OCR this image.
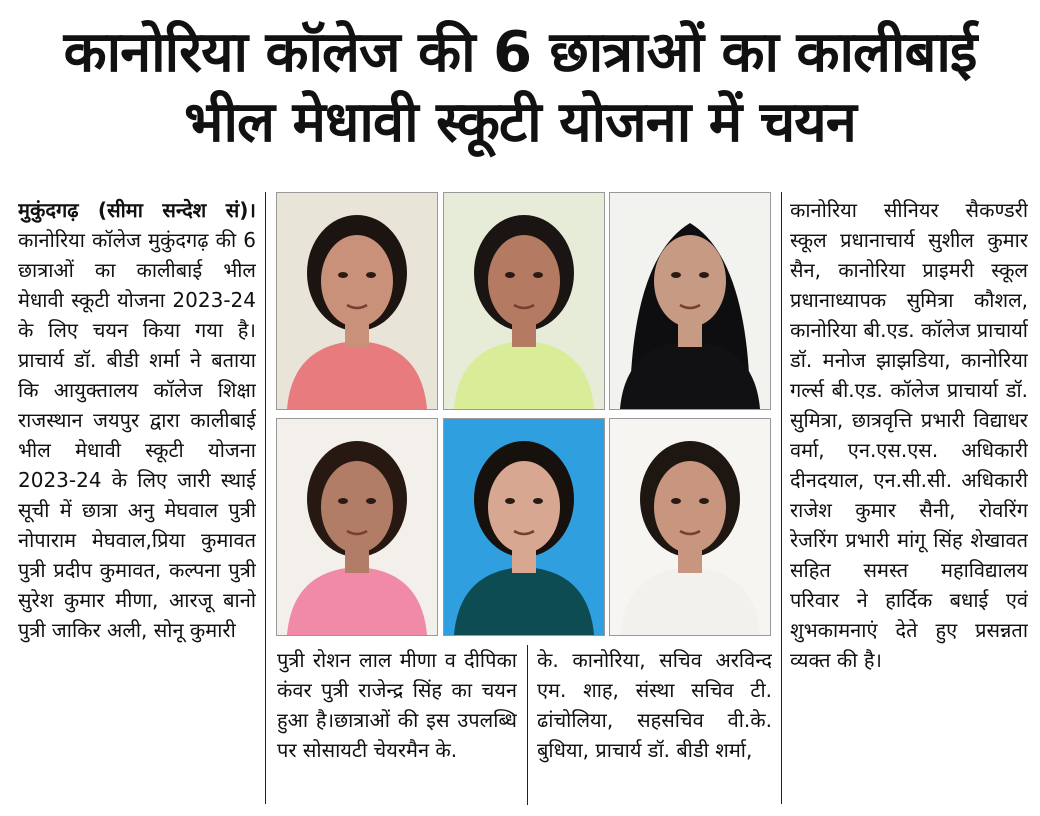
कानोरिया कॉलेज की 6 छात्राओं का कालीबाई
भील मेधावी स्कूटी योजना में चयन

मुकुंदगढ़ (सीमा सन्देश सं)। कानोरिया कॉलेज मुकुंदगढ़ की 6 छात्राओं का कालीबाई भील मेधावी स्कूटी योजना 2023-24 के लिए चयन किया गया है।प्राचार्य डॉ. बीडी शर्मा ने बताया कि आयुक्तालय कॉलेज शिक्षा राजस्थान जयपुर द्वारा कालीबाई भील मेधावी स्कूटी योजना 2023-24 के लिए जारी स्थाई सूची में छात्रा अनु मेघवाल पुत्री नोपाराम मेघवाल,प्रिया कुमावत पुत्री प्रदीप कुमावत, कल्पना पुत्री सुरेश कुमार मीणा, आरजू बानो पुत्री जाकिर अली, सोनू कुमारी

पुत्री रोशन लाल मीणा व दीपिका कंवर पुत्री राजेन्द्र सिंह का चयन हुआ है।छात्राओं की इस उपलब्धि पर सोसायटी चेयरमैन के.

के. कानोरिया, सचिव अरविन्द एम. शाह, संस्था सचिव टी. ढांचोलिया, सहसचिव वी.के. बुधिया, प्राचार्य डॉ. बीडी शर्मा,

कानोरिया सीनियर सैकण्डरी स्कूल प्रधानाचार्य सुशील कुमार सैन, कानोरिया प्राइमरी स्कूल प्रधानाध्यापक सुमित्रा कौशल, कानोरिया बी.एड. कॉलेज प्राचार्या डॉ. मनोज झाझडिया, कानोरिया गर्ल्स बी.एड. कॉलेज प्राचार्या डॉ. सुमित्रा, छात्रवृत्ति प्रभारी विद्याधर वर्मा, एन.एस.एस. अधिकारी दीनदयाल, एन.सी.सी. अधिकारी राजेश कुमार सैनी, रोवरिंग रेजरिंग प्रभारी मांगू सिंह शेखावत सहित समस्त महाविद्यालय परिवार ने हार्दिक बधाई एवं शुभकामनाएं देते हुए प्रसन्नता व्यक्त की है।
